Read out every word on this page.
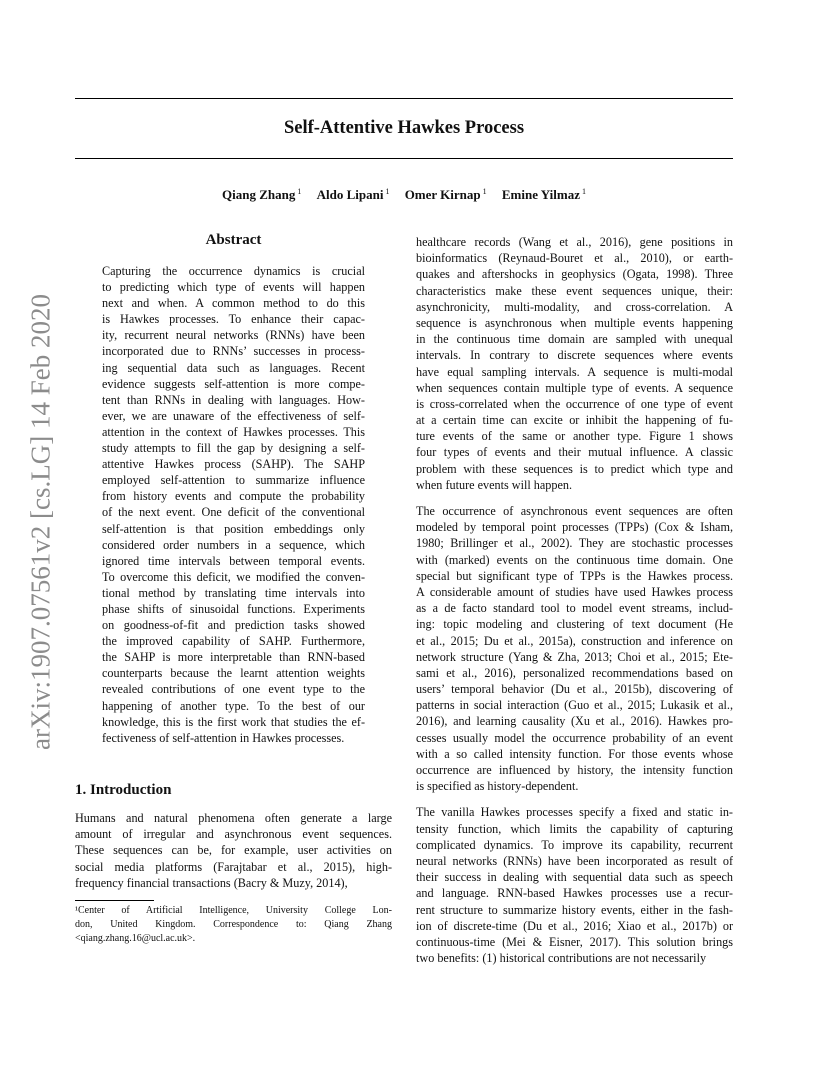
Self-Attentive Hawkes Process
Qiang Zhang $^1$ Aldo Lipani $^1$ Omer Kirnap $^1$ Emine Yilmaz $^1$
arXiv:1907.07561v2 [cs.LG] 14 Feb 2020
Abstract
Capturing the occurrence dynamics is crucial
to predicting which type of events will happen
next and when. A common method to do this
is Hawkes processes. To enhance their capac-
ity, recurrent neural networks (RNNs) have been
incorporated due to RNNs’ successes in process-
ing sequential data such as languages. Recent
evidence suggests self-attention is more compe-
tent than RNNs in dealing with languages. How-
ever, we are unaware of the effectiveness of self-
attention in the context of Hawkes processes. This
study attempts to fill the gap by designing a self-
attentive Hawkes process (SAHP). The SAHP
employed self-attention to summarize influence
from history events and compute the probability
of the next event. One deficit of the conventional
self-attention is that position embeddings only
considered order numbers in a sequence, which
ignored time intervals between temporal events.
To overcome this deficit, we modified the conven-
tional method by translating time intervals into
phase shifts of sinusoidal functions. Experiments
on goodness-of-fit and prediction tasks showed
the improved capability of SAHP. Furthermore,
the SAHP is more interpretable than RNN-based
counterparts because the learnt attention weights
revealed contributions of one event type to the
happening of another type. To the best of our
knowledge, this is the first work that studies the ef-
fectiveness of self-attention in Hawkes processes.
1. Introduction
Humans and natural phenomena often generate a large
amount of irregular and asynchronous event sequences.
These sequences can be, for example, user activities on
social media platforms (Farajtabar et al., 2015), high-
frequency financial transactions (Bacry & Muzy, 2014),
¹Center of Artificial Intelligence, University College Lon-
don, United Kingdom. Correspondence to: Qiang Zhang
<qiang.zhang.16@ucl.ac.uk>.
healthcare records (Wang et al., 2016), gene positions in
bioinformatics (Reynaud-Bouret et al., 2010), or earth-
quakes and aftershocks in geophysics (Ogata, 1998). Three
characteristics make these event sequences unique, their:
asynchronicity, multi-modality, and cross-correlation. A
sequence is asynchronous when multiple events happening
in the continuous time domain are sampled with unequal
intervals. In contrary to discrete sequences where events
have equal sampling intervals. A sequence is multi-modal
when sequences contain multiple type of events. A sequence
is cross-correlated when the occurrence of one type of event
at a certain time can excite or inhibit the happening of fu-
ture events of the same or another type. Figure 1 shows
four types of events and their mutual influence. A classic
problem with these sequences is to predict which type and
when future events will happen.
The occurrence of asynchronous event sequences are often
modeled by temporal point processes (TPPs) (Cox & Isham,
1980; Brillinger et al., 2002). They are stochastic processes
with (marked) events on the continuous time domain. One
special but significant type of TPPs is the Hawkes process.
A considerable amount of studies have used Hawkes process
as a de facto standard tool to model event streams, includ-
ing: topic modeling and clustering of text document (He
et al., 2015; Du et al., 2015a), construction and inference on
network structure (Yang & Zha, 2013; Choi et al., 2015; Ete-
sami et al., 2016), personalized recommendations based on
users’ temporal behavior (Du et al., 2015b), discovering of
patterns in social interaction (Guo et al., 2015; Lukasik et al.,
2016), and learning causality (Xu et al., 2016). Hawkes pro-
cesses usually model the occurrence probability of an event
with a so called intensity function. For those events whose
occurrence are influenced by history, the intensity function
is specified as history-dependent.
The vanilla Hawkes processes specify a fixed and static in-
tensity function, which limits the capability of capturing
complicated dynamics. To improve its capability, recurrent
neural networks (RNNs) have been incorporated as result of
their success in dealing with sequential data such as speech
and language. RNN-based Hawkes processes use a recur-
rent structure to summarize history events, either in the fash-
ion of discrete-time (Du et al., 2016; Xiao et al., 2017b) or
continuous-time (Mei & Eisner, 2017). This solution brings
two benefits: (1) historical contributions are not necessarily
